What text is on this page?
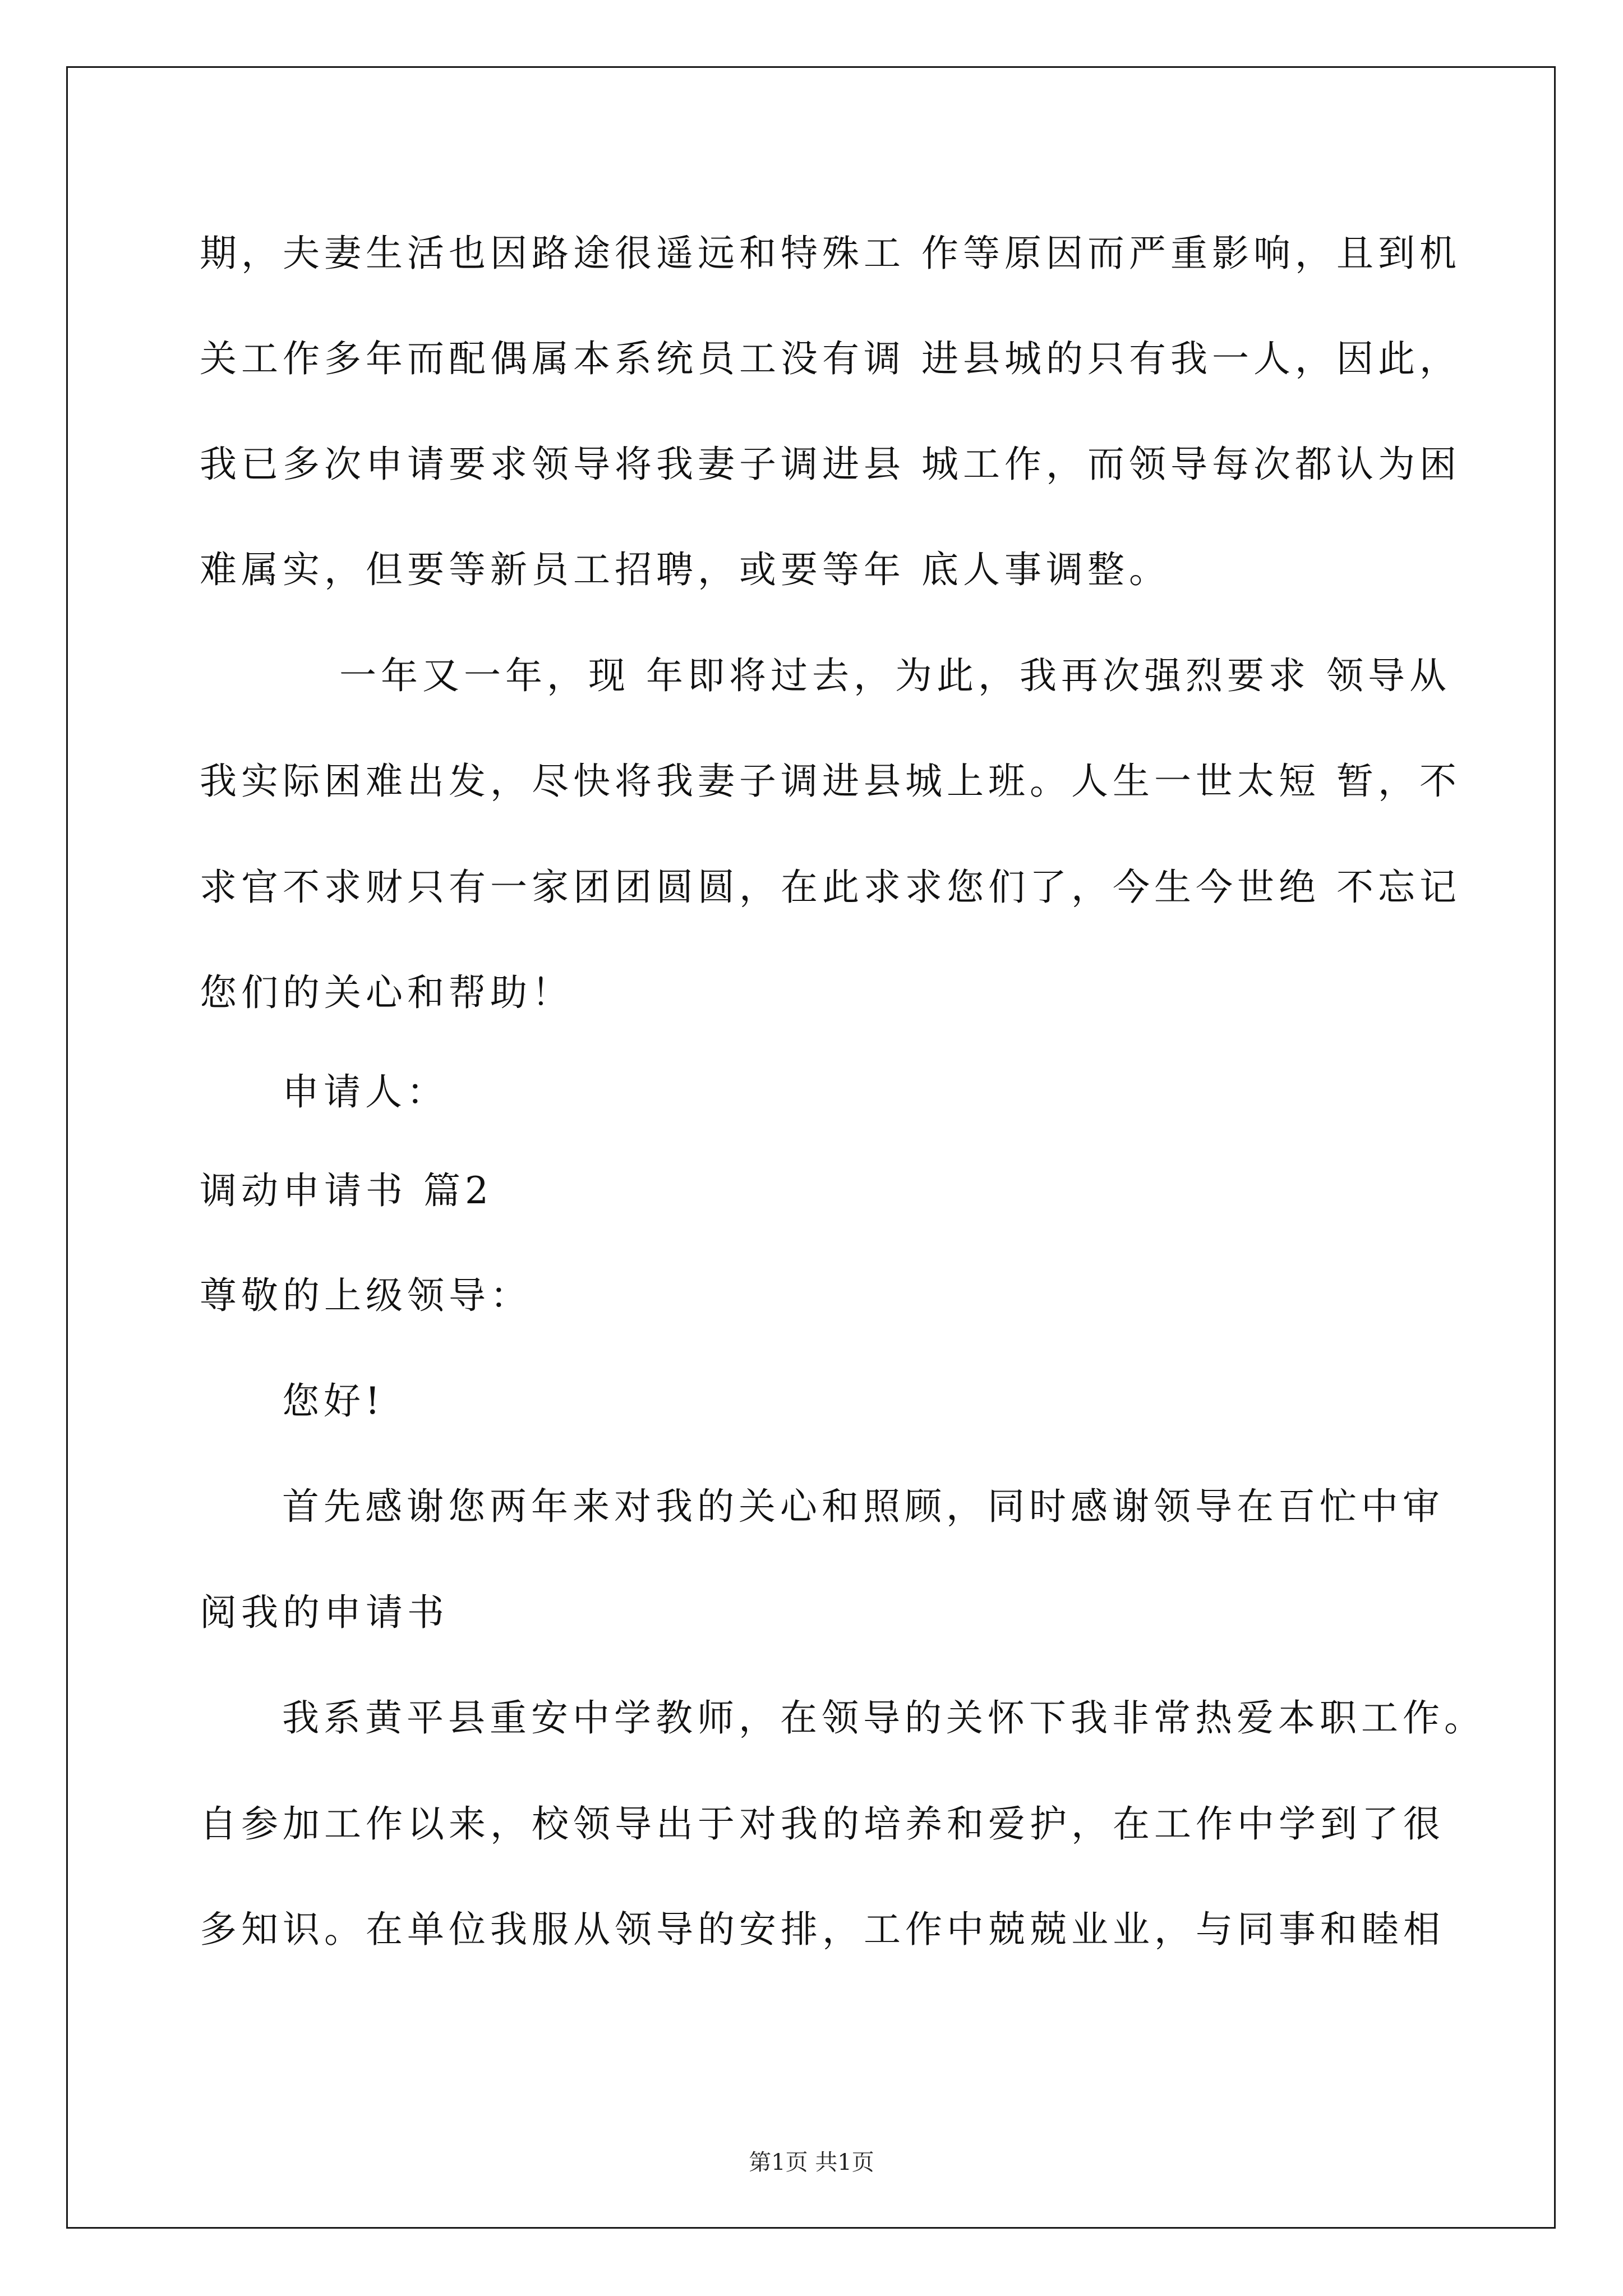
期，夫妻生活也因路途很遥远和特殊工 作等原因而严重影响，且到机
关工作多年而配偶属本系统员工没有调 进县城的只有我一人，因此，
我已多次申请要求领导将我妻子调进县 城工作，而领导每次都认为困
难属实，但要等新员工招聘，或要等年 底人事调整。
一年又一年，现 年即将过去，为此，我再次强烈要求 领导从
我实际困难出发，尽快将我妻子调进县城上班。人生一世太短 暂，不
求官不求财只有一家团团圆圆，在此求求您们了，今生今世绝 不忘记
您们的关心和帮助！
申请人：
调动申请书 篇2
尊敬的上级领导：
您好!
首先感谢您两年来对我的关心和照顾，同时感谢领导在百忙中审
阅我的申请书
我系黄平县重安中学教师，在领导的关怀下我非常热爱本职工作。
自参加工作以来，校领导出于对我的培养和爱护，在工作中学到了很
多知识。在单位我服从领导的安排，工作中兢兢业业，与同事和睦相
第1页 共1页
